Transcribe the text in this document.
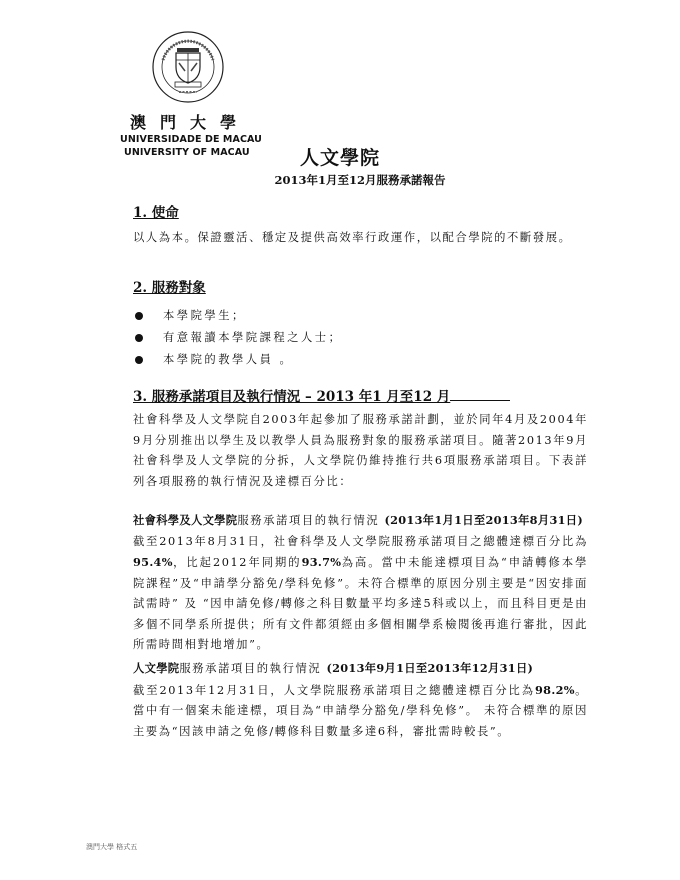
澳門大學
UNIVERSIDADE DE MACAU
UNIVERSITY OF MACAU	人文學院
2013年1月至12月服務承諾報告
1. 使命
以人為本。保證靈活、穩定及提供高效率行政運作，以配合學院的不斷發展。
2. 服務對象
本學院學生；
有意報讀本學院課程之人士；
本學院的教學人員 。
3. 服務承諾項目及執行情況 – 2013 年1 月至12 月
社會科學及人文學院自2003年起參加了服務承諾計劃，並於同年4月及2004年9月分別推出以學生及以教學人員為服務對象的服務承諾項目。隨著2013年9月社會科學及人文學院的分拆，人文學院仍維持推行共6項服務承諾項目。下表詳列各項服務的執行情況及達標百分比：
社會科學及人文學院服務承諾項目的執行情況 (2013年1月1日至2013年8月31日)
截至2013年8月31日，社會科學及人文學院服務承諾項目之總體達標百分比為95.4%，比起2012年同期的93.7%為高。當中未能達標項目為“申請轉修本學院課程”及“申請學分豁免/學科免修”。未符合標準的原因分別主要是“因安排面試需時” 及 “因申請免修/轉修之科目數量平均多達5科或以上，而且科目更是由多個不同學系所提供；所有文件都須經由多個相關學系檢閱後再進行審批，因此所需時間相對地增加”。
人文學院服務承諾項目的執行情況 (2013年9月1日至2013年12月31日)
截至2013年12月31日，人文學院服務承諾項目之總體達標百分比為98.2%。當中有一個案未能達標，項目為“申請學分豁免/學科免修”。 未符合標準的原因主要為“因該申請之免修/轉修科目數量多達6科，審批需時較長”。
澳門大學 格式五
